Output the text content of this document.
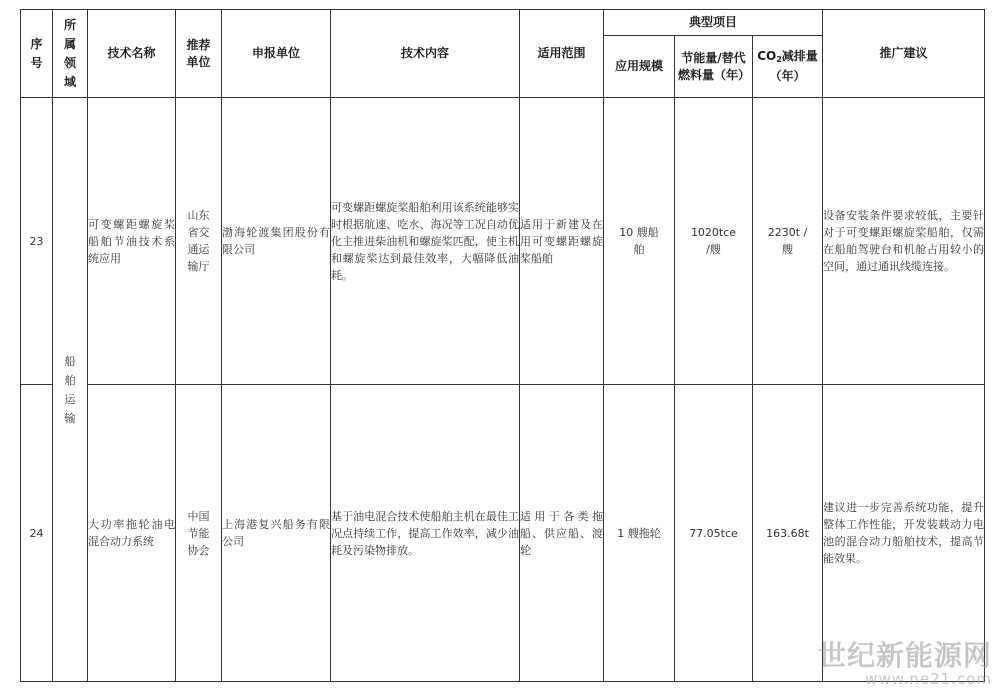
序号	所属领域	技术名称	推荐单位	申报单位	技术内容	适用范围	典型项目			推广建议
							应用规模	节能量/替代燃料量（年）	$CO_2$减排量（年）	
23	船舶运输	可变螺距螺旋桨船舶节油技术系统应用	山东省交通运输厅	渤海轮渡集团股份有限公司	可变螺距螺旋桨船舶利用该系统能够实时根据航速、吃水、海况等工况自动优化主推进柴油机和螺旋桨匹配，使主机和螺旋桨达到最佳效率，大幅降低油耗。	适用于新建及在用可变螺距螺旋桨船舶	10 艘船舶	1020tce /艘	2230t /艘	设备安装条件要求较低，主要针对于可变螺距螺旋桨船舶，仅需在船舶驾驶台和机舱占用较小的空间，通过通讯线缆连接。
24		大功率拖轮油电混合动力系统	中国节能协会	上海港复兴船务有限公司	基于油电混合技术使船舶主机在最佳工况点持续工作，提高工作效率，减少油耗及污染物排放。	适用于各类拖船、供应船、渡轮	1 艘拖轮	77.05tce	163.68t	建议进一步完善系统功能，提升整体工作性能，开发装载动力电池的混合动力船舶技术，提高节能效果。
世纪新能源网
www.ne21.com
